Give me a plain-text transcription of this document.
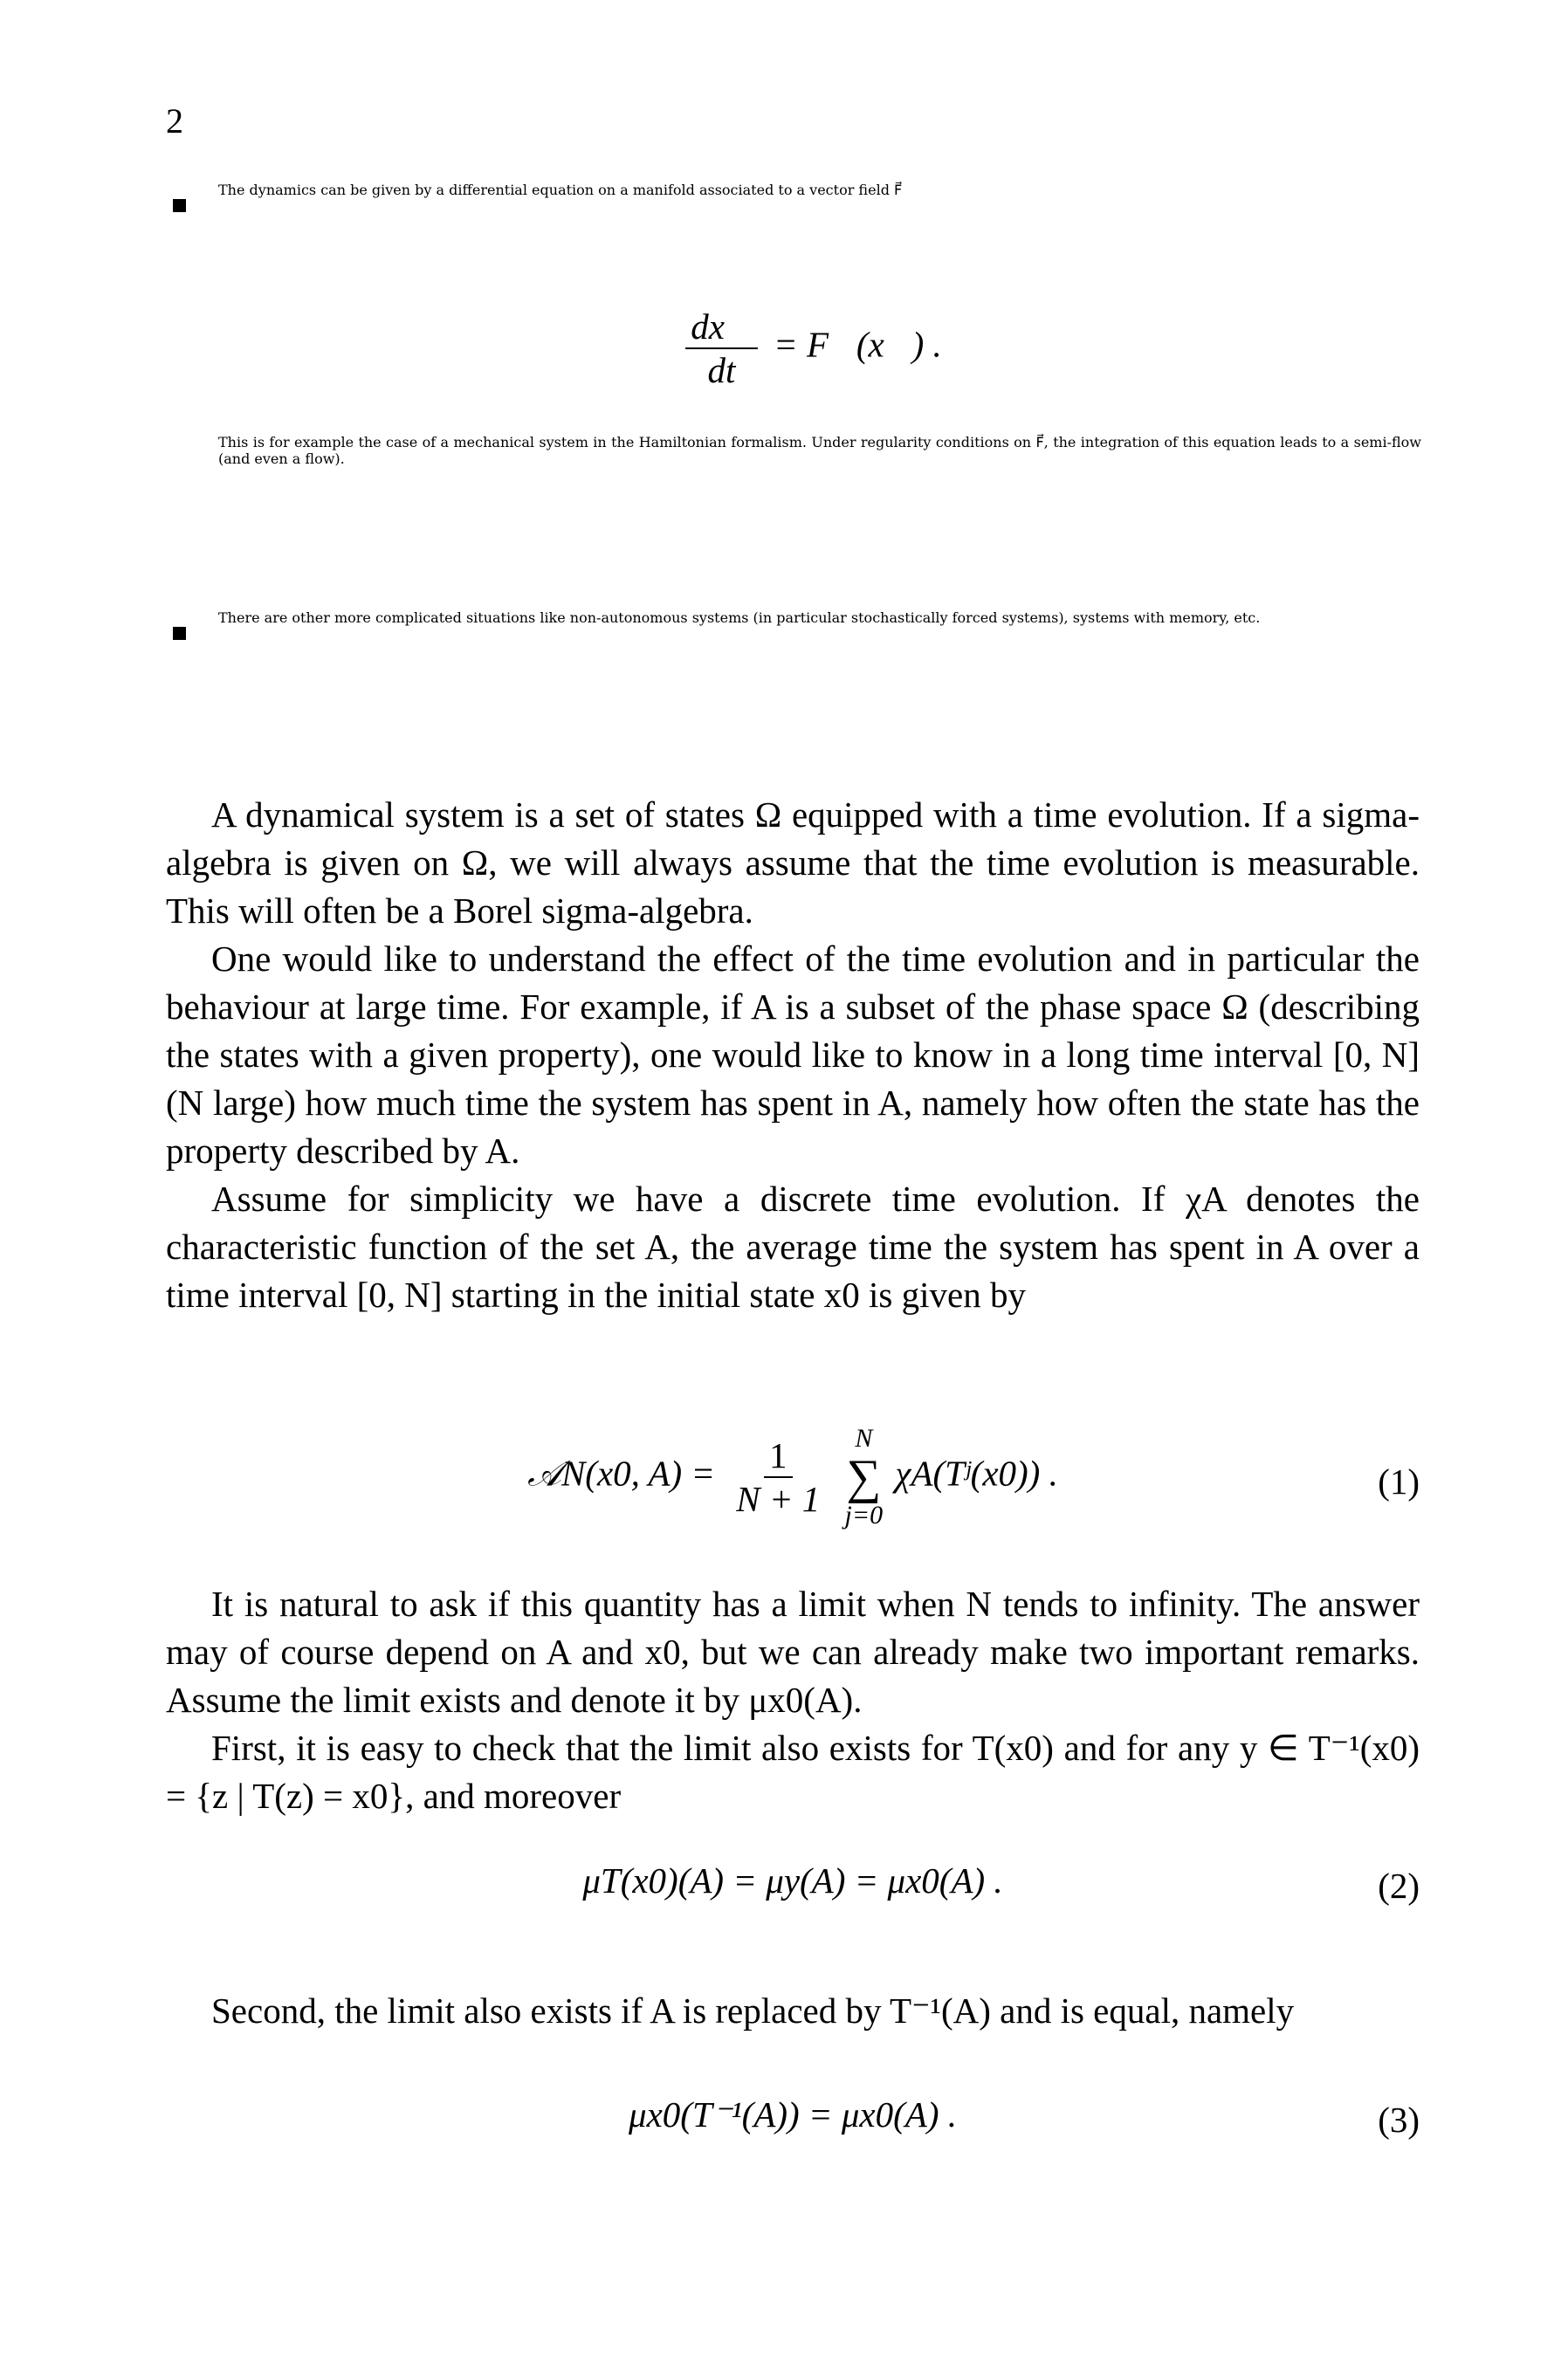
2

The dynamics can be given by a differential equation on a manifold associated to a vector field F⃗

$\frac{dx⃗}{dt}$ = F⃗(x⃗) .

This is for example the case of a mechanical system in the Hamiltonian formalism. Under regularity conditions on F⃗, the integration of this equation leads to a semi-flow (and even a flow).

There are other more complicated situations like non-autonomous systems (in particular stochastically forced systems), systems with memory, etc.

A dynamical system is a set of states Ω equipped with a time evolution. If a sigma-algebra is given on Ω, we will always assume that the time evolution is measurable. This will often be a Borel sigma-algebra.

One would like to understand the effect of the time evolution and in particular the behaviour at large time. For example, if A is a subset of the phase space Ω (describing the states with a given property), one would like to know in a long time interval [0, N] (N large) how much time the system has spent in A, namely how often the state has the property described by A.

Assume for simplicity we have a discrete time evolution. If χA denotes the characteristic function of the set A, the average time the system has spent in A over a time interval [0, N] starting in the initial state x0 is given by

𝒜N(x0, $A) = \frac{1}{N + 1}$
N
∑
j=0
χA(Tʲ(x0)) .	(1)

It is natural to ask if this quantity has a limit when N tends to infinity. The answer may of course depend on A and x0, but we can already make two important remarks. Assume the limit exists and denote it by μx0(A).

First, it is easy to check that the limit also exists for T(x0) and for any y ∈ T⁻¹(x0) = {z | T(z) = x0}, and moreover

μT(x0)(A) = μy(A) = μx0(A) .	(2)

Second, the limit also exists if A is replaced by T⁻¹(A) and is equal, namely

μx0(T⁻¹(A)) = μx0(A) .	(3)
